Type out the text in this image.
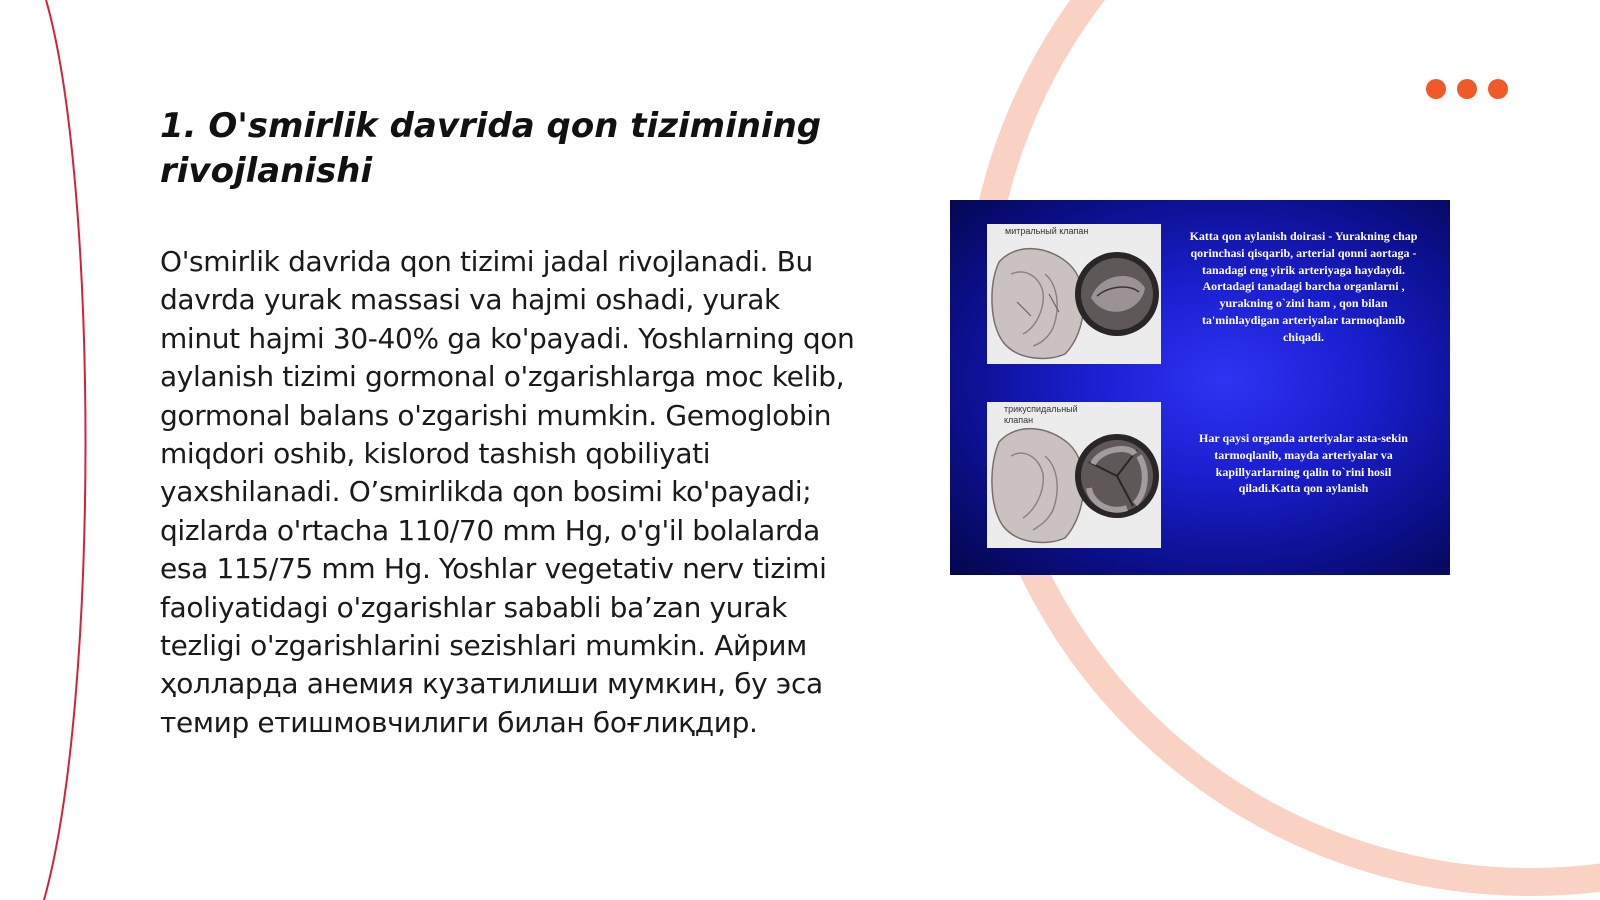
1. O'smirlik davrida qon tizimining rivojlanishi

O'smirlik davrida qon tizimi jadal rivojlanadi. Bu davrda yurak massasi va hajmi oshadi, yurak minut hajmi 30-40% ga ko'payadi. Yoshlarning qon aylanish tizimi gormonal o'zgarishlarga moc kelib, gormonal balans o'zgarishi mumkin. Gemoglobin miqdori oshib, kislorod tashish qobiliyati yaxshilanadi. O’smirlikda qon bosimi ko'payadi; qizlarda o'rtacha 110/70 mm Hg, o'g'il bolalarda esa 115/75 mm Hg. Yoshlar vegetativ nerv tizimi faoliyatidagi o'zgarishlar sababli ba’zan yurak tezligi o'zgarishlarini sezishlari mumkin. Айрим ҳолларда анемия кузатилиши мумкин, бу эса темир етишмовчилиги билан боғлиқдир.

митральный клапан
трикуспидальный клапан

Katta qon aylanish doirasi - Yurakning chap qorinchasi qisqarib, arterial qonni aortaga - tanadagi eng yirik arteriyaga haydaydi. Aortadagi tanadagi barcha organlarni , yurakning o`zini ham , qon bilan ta'minlaydigan arteriyalar tarmoqlanib chiqadi.

Har qaysi organda arteriyalar asta-sekin tarmoqlanib, mayda arteriyalar va kapillyarlarning qalin to`rini hosil qiladi.Katta qon aylanish
